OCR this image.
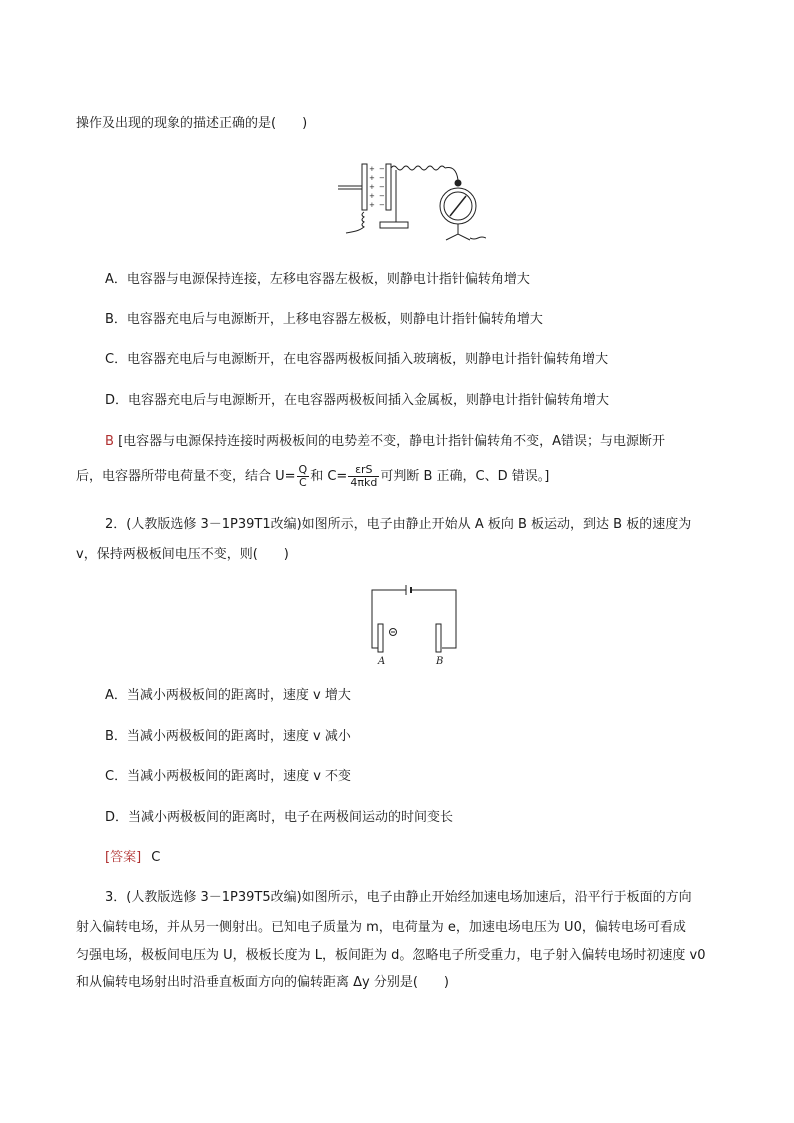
操作及出现的现象的描述正确的是(　　)
+
+
+
+
+
−
−
−
−
−
A．电容器与电源保持连接，左移电容器左极板，则静电计指针偏转角增大
B．电容器充电后与电源断开，上移电容器左极板，则静电计指针偏转角增大
C．电容器充电后与电源断开，在电容器两极板间插入玻璃板，则静电计指针偏转角增大
D．电容器充电后与电源断开，在电容器两极板间插入金属板，则静电计指针偏转角增大
B [电容器与电源保持连接时两极板间的电势差不变，静电计指针偏转角不变，A错误；与电源断开
后，电容器所带电荷量不变，结合 $U= \frac{Q}{C}$ 和 $C= \frac{\text{εrS}}{\text{4πkd}}$ 可判断 B 正确，C、D 错误。]
2．(人教版选修 3－1P39T1改编)如图所示，电子由静止开始从 A 板向 B 板运动，到达 B 板的速度为
v，保持两极板间电压不变，则(　　)
A	B
A．当减小两极板间的距离时，速度 v 增大
B．当减小两极板间的距离时，速度 v 减小
C．当减小两极板间的距离时，速度 v 不变
D．当减小两极板间的距离时，电子在两极间运动的时间变长
[答案] C
3．(人教版选修 3－1P39T5改编)如图所示，电子由静止开始经加速电场加速后，沿平行于板面的方向
射入偏转电场，并从另一侧射出。已知电子质量为 m，电荷量为 e，加速电场电压为 U0，偏转电场可看成
匀强电场，极板间电压为 U，极板长度为 L，板间距为 d。忽略电子所受重力，电子射入偏转电场时初速度 v0
和从偏转电场射出时沿垂直板面方向的偏转距离 Δy 分别是(　　)
